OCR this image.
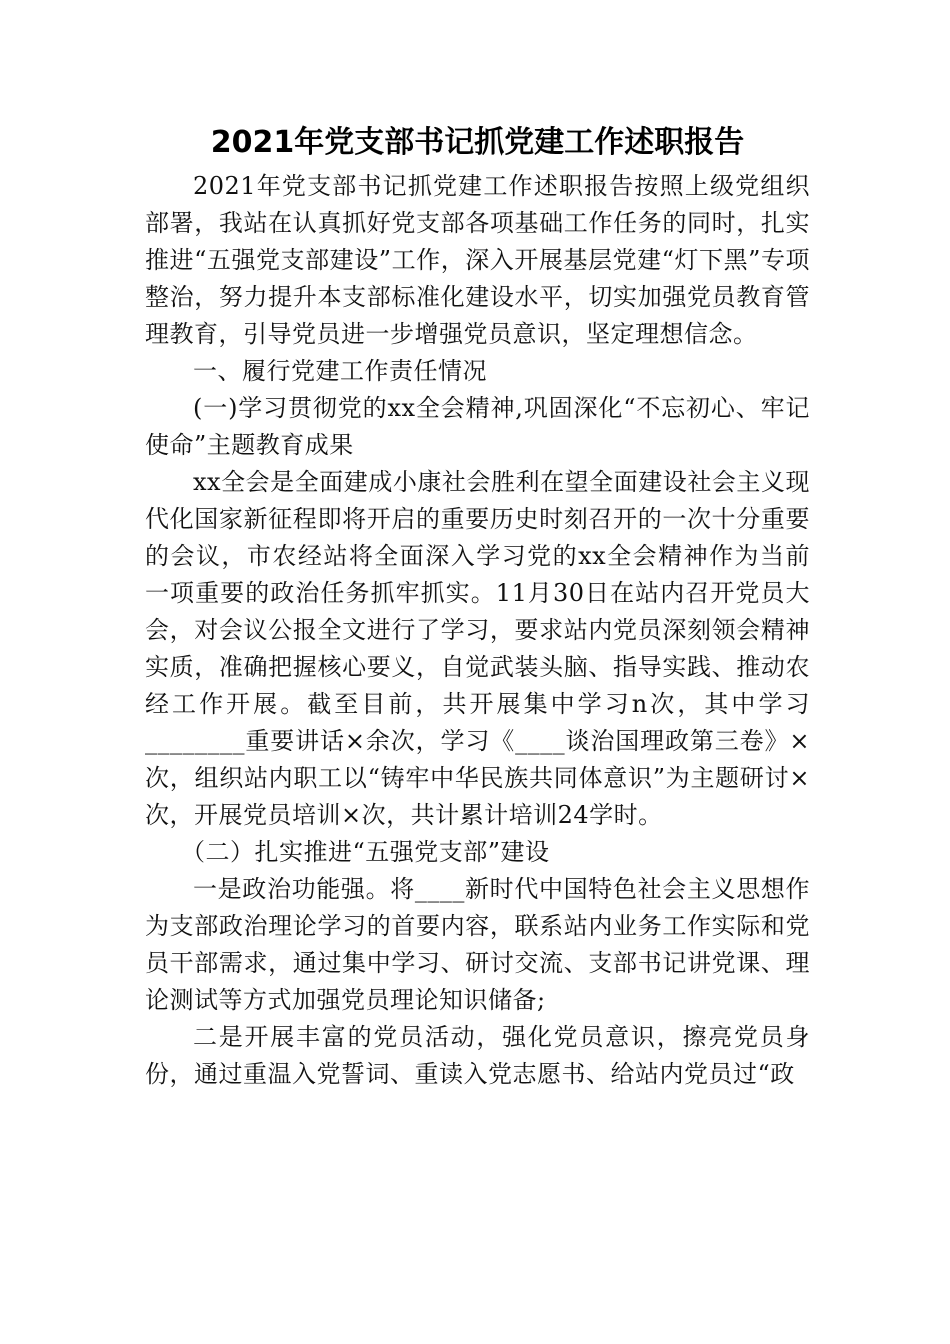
2021年党支部书记抓党建工作述职报告

2021年党支部书记抓党建工作述职报告按照上级党组织部署，我站在认真抓好党支部各项基础工作任务的同时，扎实推进“五强党支部建设”工作，深入开展基层党建“灯下黑”专项整治，努力提升本支部标准化建设水平，切实加强党员教育管理教育，引导党员进一步增强党员意识，坚定理想信念。

一、履行党建工作责任情况

(一)学习贯彻党的xx全会精神,巩固深化“不忘初心、牢记使命”主题教育成果

xx全会是全面建成小康社会胜利在望全面建设社会主义现代化国家新征程即将开启的重要历史时刻召开的一次十分重要的会议，市农经站将全面深入学习党的xx全会精神作为当前一项重要的政治任务抓牢抓实。11月30日在站内召开党员大会，对会议公报全文进行了学习，要求站内党员深刻领会精神实质，准确把握核心要义，自觉武装头脑、指导实践、推动农经工作开展。截至目前，共开展集中学习n次，其中学习________重要讲话×余次，学习《____谈治国理政第三卷》×次，组织站内职工以“铸牢中华民族共同体意识”为主题研讨×次，开展党员培训×次，共计累计培训24学时。

（二）扎实推进“五强党支部”建设

一是政治功能强。将____新时代中国特色社会主义思想作为支部政治理论学习的首要内容，联系站内业务工作实际和党员干部需求，通过集中学习、研讨交流、支部书记讲党课、理论测试等方式加强党员理论知识储备;

二是开展丰富的党员活动，强化党员意识，擦亮党员身份，通过重温入党誓词、重读入党志愿书、给站内党员过“政
